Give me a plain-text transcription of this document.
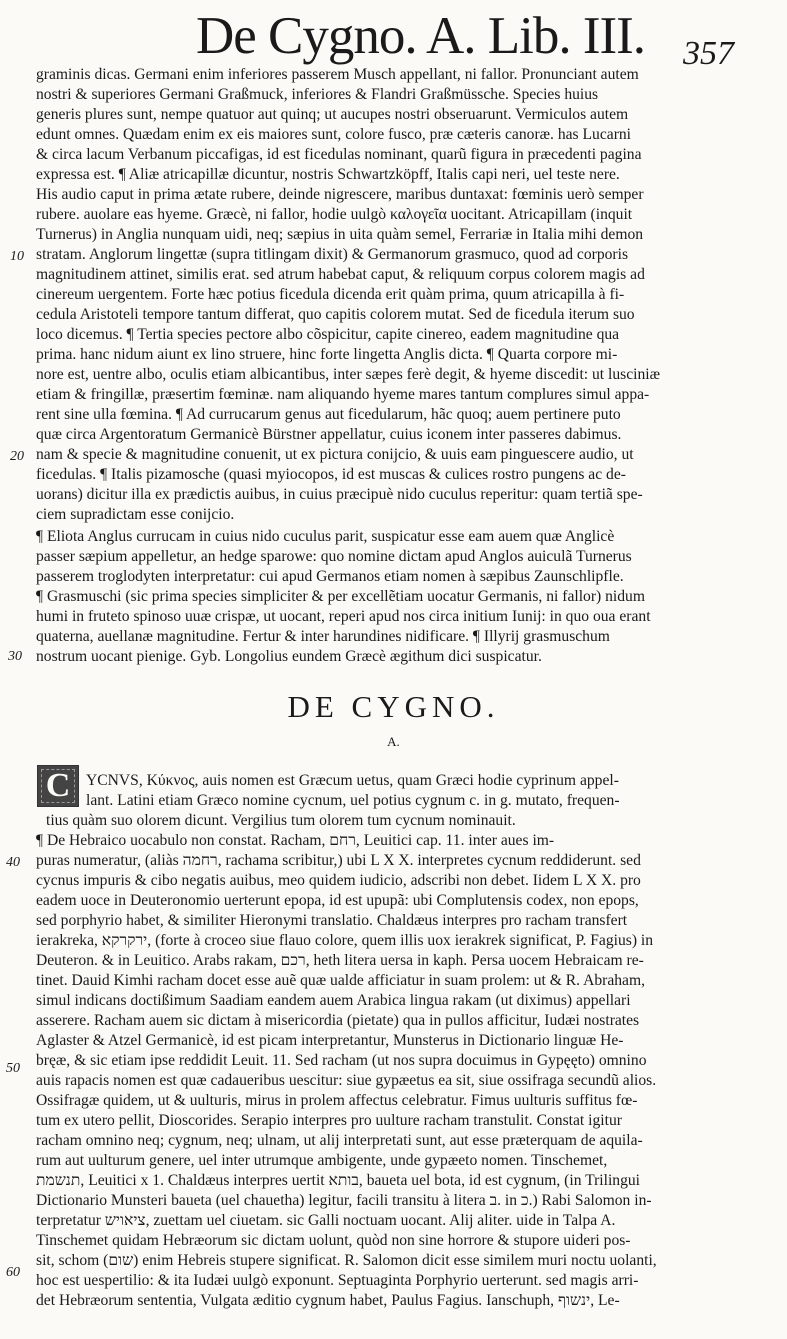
De Cygno. A. Lib. III. 357
10
20
30
40
50
60
graminis dicas. Germani enim inferiores passerem Musch appellant, ni fallor. Pronunciant autem
nostri & superiores Germani Graßmuck, inferiores & Flandri Graßmüssche. Species huius
generis plures sunt, nempe quatuor aut quinq; ut aucupes nostri obseruarunt. Vermiculos autem
edunt omnes. Quædam enim ex eis maiores sunt, colore fusco, præ cæteris canoræ. has Lucarni
& circa lacum Verbanum piccafigas, id est ficedulas nominant, quarũ figura in præcedenti pagina
expressa est. ¶ Aliæ atricapillæ dicuntur, nostris Schwartzköpff, Italis capi neri, uel teste nere.
His audio caput in prima ætate rubere, deinde nigrescere, maribus duntaxat: fœminis uerò semper
rubere. auolare eas hyeme. Græcè, ni fallor, hodie uulgò καλογεῖα uocitant. Atricapillam (inquit
Turnerus) in Anglia nunquam uidi, neq; sæpius in uita quàm semel, Ferrariæ in Italia mihi demon
stratam. Anglorum lingettæ (supra titlingam dixit) & Germanorum grasmuco, quod ad corporis
magnitudinem attinet, similis erat. sed atrum habebat caput, & reliquum corpus colorem magis ad
cinereum uergentem. Forte hæc potius ficedula dicenda erit quàm prima, quum atricapilla à fi-
cedula Aristoteli tempore tantum differat, quo capitis colorem mutat. Sed de ficedula iterum suo
loco dicemus. ¶ Tertia species pectore albo cõspicitur, capite cinereo, eadem magnitudine qua
prima. hanc nidum aiunt ex lino struere, hinc forte lingetta Anglis dicta. ¶ Quarta corpore mi-
nore est, uentre albo, oculis etiam albicantibus, inter sæpes ferè degit, & hyeme discedit: ut lusciniæ
etiam & fringillæ, præsertim fœminæ. nam aliquando hyeme mares tantum complures simul appa-
rent sine ulla fœmina. ¶ Ad currucarum genus aut ficedularum, hãc quoq; auem pertinere puto
quæ circa Argentoratum Germanicè Bürstner appellatur, cuius iconem inter passeres dabimus.
nam & specie & magnitudine conuenit, ut ex pictura conijcio, & uuis eam pinguescere audio, ut
ficedulas. ¶ Italis pizamosche (quasi myiocopos, id est muscas & culices rostro pungens ac de-
uorans) dicitur illa ex prædictis auibus, in cuius præcipuè nido cuculus reperitur: quam tertiã spe-
ciem supradictam esse conijcio.
¶ Eliota Anglus currucam in cuius nido cuculus parit, suspicatur esse eam auem quæ Anglicè
passer sæpium appelletur, an hedge sparowe: quo nomine dictam apud Anglos auiculã Turnerus
passerem troglodyten interpretatur: cui apud Germanos etiam nomen à sæpibus Zaunschlipfle.
¶ Grasmuschi (sic prima species simpliciter & per excellẽtiam uocatur Germanis, ni fallor) nidum
humi in fruteto spinoso uuæ crispæ, ut uocant, reperi apud nos circa initium Iunij: in quo oua erant
quaterna, auellanæ magnitudine. Fertur & inter harundines nidificare. ¶ Illyrij grasmuschum
nostrum uocant pienige. Gyb. Longolius eundem Græcè ægithum dici suspicatur.
DE CYGNO.
A.
C	YCNVS, Κύκνος, auis nomen est Græcum uetus, quam Græci hodie cyprinum appel-
lant. Latini etiam Græco nomine cycnum, uel potius cygnum c. in g. mutato, frequen-
tius quàm suo olorem dicunt. Vergilius tum olorem tum cycnum nominauit.
¶ De Hebraico uocabulo non constat. Racham, רחם, Leuitici cap. 11. inter aues im-
puras numeratur, (aliàs רחמה, rachama scribitur,) ubi L X X. interpretes cycnum reddiderunt. sed
cycnus impuris & cibo negatis auibus, meo quidem iudicio, adscribi non debet. Iidem L X X. pro
eadem uoce in Deuteronomio uerterunt epopa, id est upupã: ubi Complutensis codex, non epops,
sed porphyrio habet, & similiter Hieronymi translatio. Chaldæus interpres pro racham transfert
ierakreka, ירקרקא, (forte à croceo siue flauo colore, quem illis uox ierakrek significat, P. Fagius) in
Deuteron. & in Leuitico. Arabs rakam, רכם, heth litera uersa in kaph. Persa uocem Hebraicam re-
tinet. Dauid Kimhi racham docet esse auẽ quæ ualde afficiatur in suam prolem: ut & R. Abraham,
simul indicans doctißimum Saadiam eandem auem Arabica lingua rakam (ut diximus) appellari
asserere. Racham auem sic dictam à misericordia (pietate) qua in pullos afficitur, Iudæi nostrates
Aglaster & Atzel Germanicè, id est picam interpretantur, Munsterus in Dictionario linguæ He-
bręæ, & sic etiam ipse reddidit Leuit. 11. Sed racham (ut nos supra docuimus in Gypęęto) omnino
auis rapacis nomen est quæ cadaueribus uescitur: siue gypæetus ea sit, siue ossifraga secundũ alios.
Ossifragæ quidem, ut & uulturis, mirus in prolem affectus celebratur. Fimus uulturis suffitus fœ-
tum ex utero pellit, Dioscorides. Serapio interpres pro uulture racham transtulit. Constat igitur
racham omnino neq; cygnum, neq; ulnam, ut alij interpretati sunt, aut esse præterquam de aquila-
rum aut uulturum genere, uel inter utrumque ambigente, unde gypæeto nomen. Tinschemet,
תנשמת, Leuitici x 1. Chaldæus interpres uertit בותא, baueta uel bota, id est cygnum, (in Trilingui
Dictionario Munsteri baueta (uel chauetha) legitur, facili transitu à litera ב. in כ.) Rabi Salomon in-
terpretatur ציאויש, zuettam uel ciuetam. sic Galli noctuam uocant. Alij aliter. uide in Talpa A.
Tinschemet quidam Hebræorum sic dictam uolunt, quòd non sine horrore & stupore uideri pos-
sit, schom (שום) enim Hebreis stupere significat. R. Salomon dicit esse similem muri noctu uolanti,
hoc est uespertilio: & ita Iudæi uulgò exponunt. Septuaginta Porphyrio uerterunt. sed magis arri-
det Hebræorum sententia, Vulgata æditio cygnum habet, Paulus Fagius. Ianschuph, ינשוף, Le-
